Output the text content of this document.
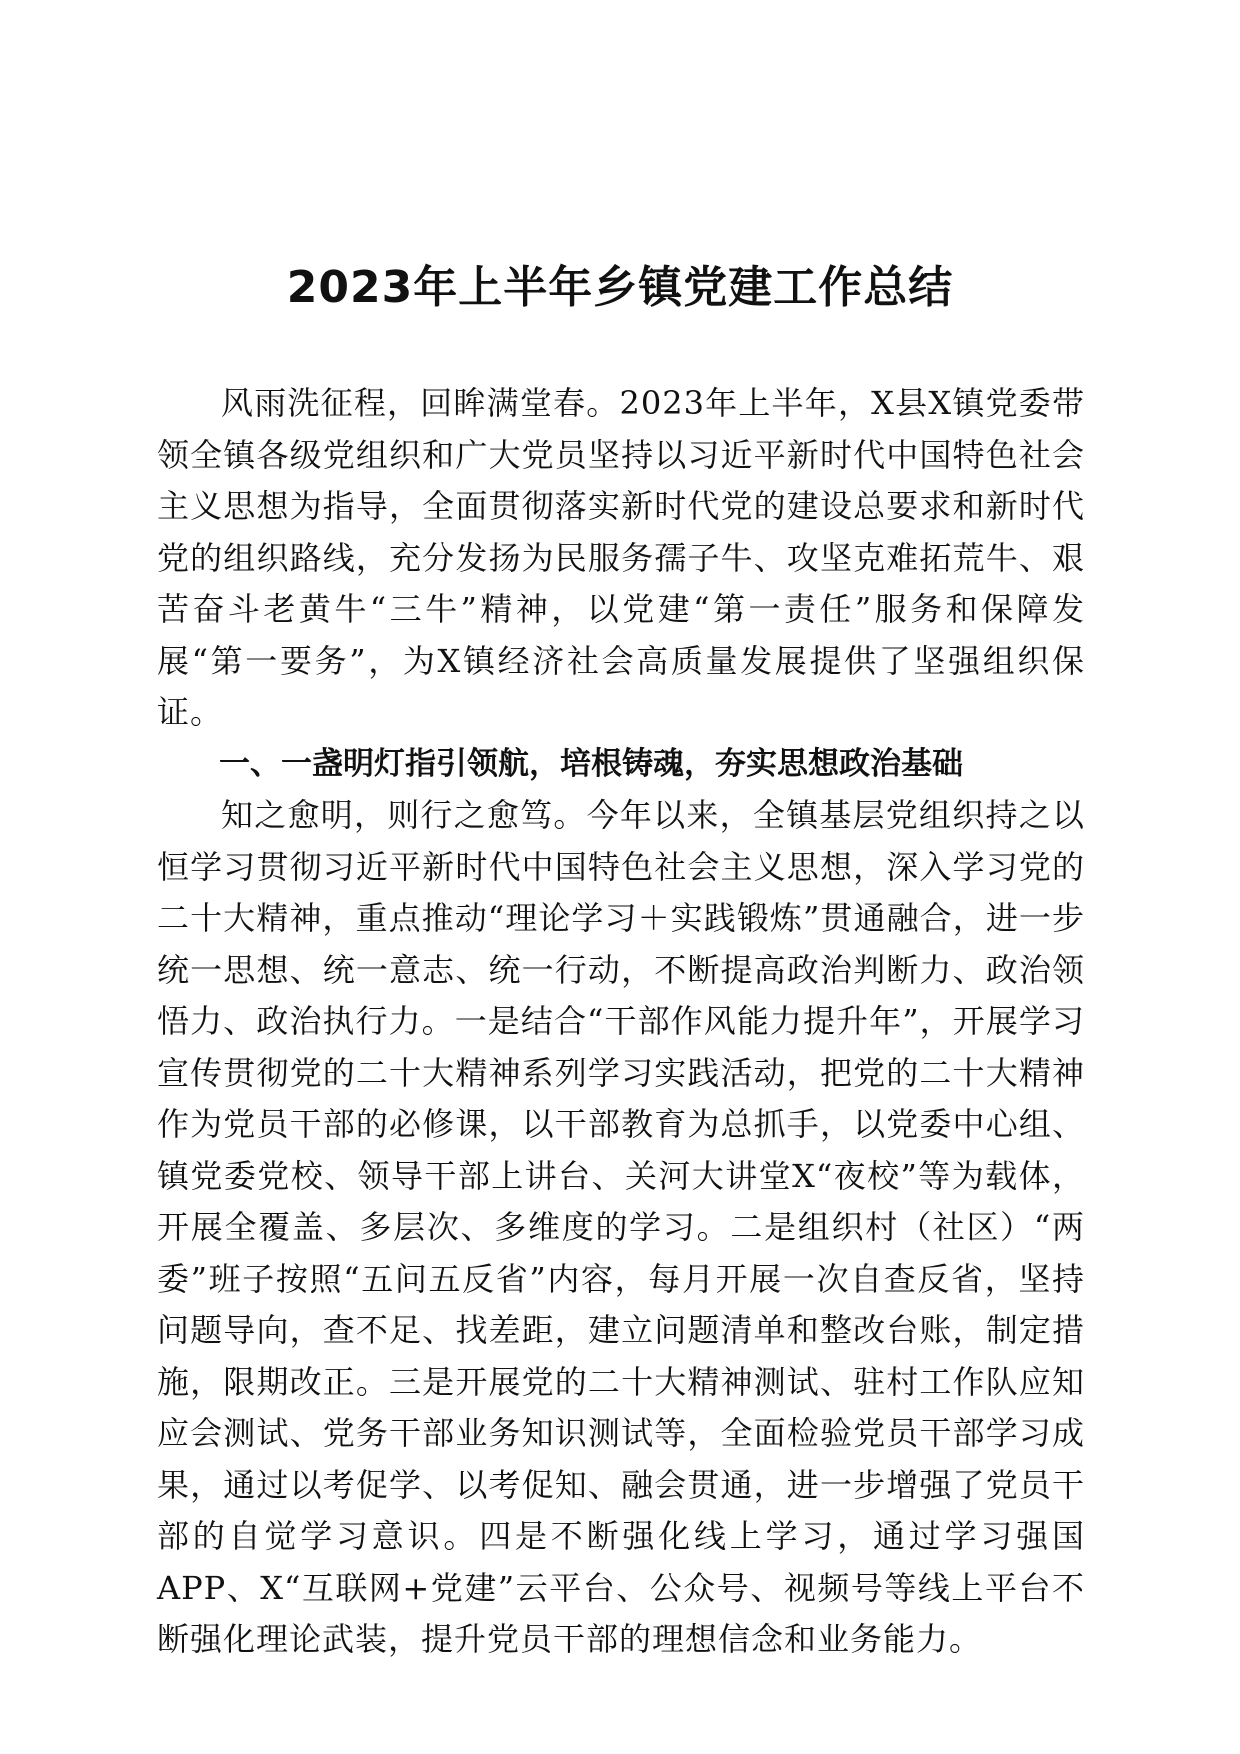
2023年上半年乡镇党建工作总结

风雨洗征程，回眸满堂春。2023年上半年，X县X镇党委带领全镇各级党组织和广大党员坚持以习近平新时代中国特色社会主义思想为指导，全面贯彻落实新时代党的建设总要求和新时代党的组织路线，充分发扬为民服务孺子牛、攻坚克难拓荒牛、艰苦奋斗老黄牛“三牛”精神，以党建“第一责任”服务和保障发展“第一要务”，为X镇经济社会高质量发展提供了坚强组织保证。

一、一盏明灯指引领航，培根铸魂，夯实思想政治基础

知之愈明，则行之愈笃。今年以来，全镇基层党组织持之以恒学习贯彻习近平新时代中国特色社会主义思想，深入学习党的二十大精神，重点推动“理论学习＋实践锻炼”贯通融合，进一步统一思想、统一意志、统一行动，不断提高政治判断力、政治领悟力、政治执行力。一是结合“干部作风能力提升年”，开展学习宣传贯彻党的二十大精神系列学习实践活动，把党的二十大精神作为党员干部的必修课，以干部教育为总抓手，以党委中心组、镇党委党校、领导干部上讲台、关河大讲堂X“夜校”等为载体，开展全覆盖、多层次、多维度的学习。二是组织村（社区）“两委”班子按照“五问五反省”内容，每月开展一次自查反省，坚持问题导向，查不足、找差距，建立问题清单和整改台账，制定措施，限期改正。三是开展党的二十大精神测试、驻村工作队应知应会测试、党务干部业务知识测试等，全面检验党员干部学习成果，通过以考促学、以考促知、融会贯通，进一步增强了党员干部的自觉学习意识。四是不断强化线上学习，通过学习强国APP、X“互联网+党建”云平台、公众号、视频号等线上平台不断强化理论武装，提升党员干部的理想信念和业务能力。
